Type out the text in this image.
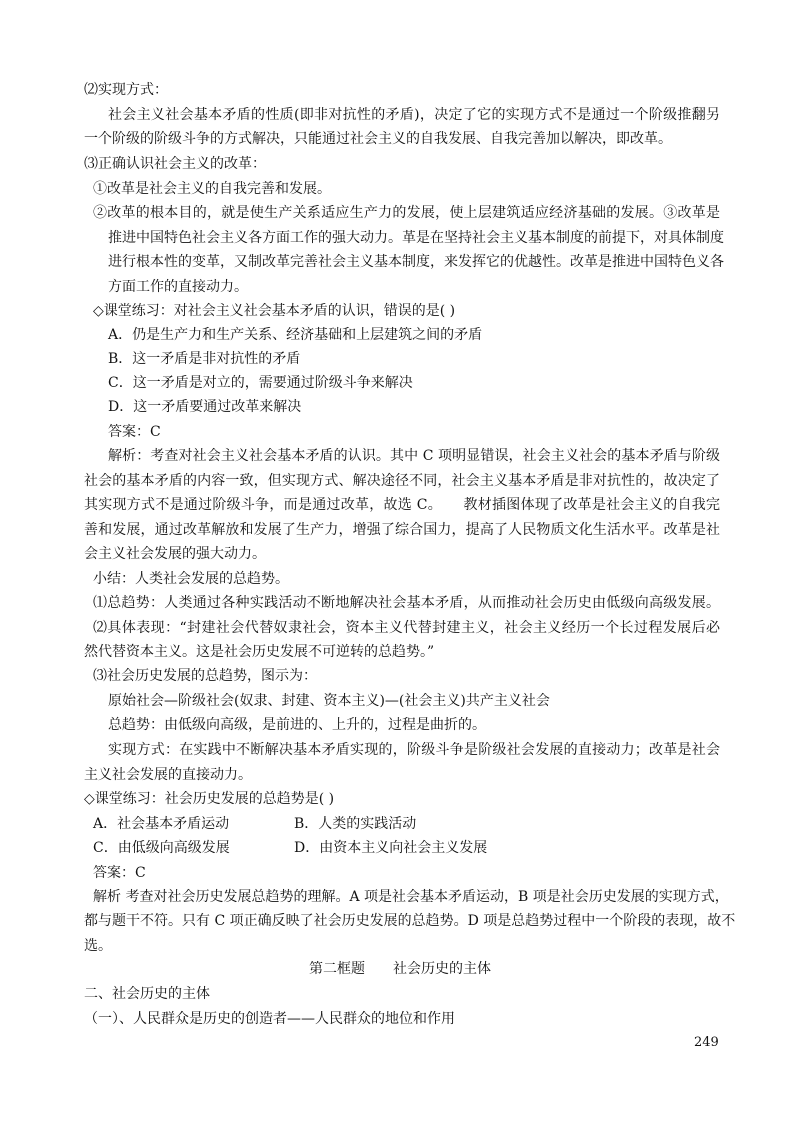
⑵实现方式：
社会主义社会基本矛盾的性质(即非对抗性的矛盾)，决定了它的实现方式不是通过一个阶级推翻另
一个阶级的阶级斗争的方式解决，只能通过社会主义的自我发展、自我完善加以解决，即改革。
⑶正确认识社会主义的改革：
①改革是社会主义的自我完善和发展。
②改革的根本目的，就是使生产关系适应生产力的发展，使上层建筑适应经济基础的发展。③改革是
推进中国特色社会主义各方面工作的强大动力。革是在坚持社会主义基本制度的前提下，对具体制度
进行根本性的变革，又制改革完善社会主义基本制度，来发挥它的优越性。改革是推进中国特色义各
方面工作的直接动力。
◇课堂练习：对社会主义社会基本矛盾的认识，错误的是( )
A．仍是生产力和生产关系、经济基础和上层建筑之间的矛盾
B．这一矛盾是非对抗性的矛盾
C．这一矛盾是对立的，需要通过阶级斗争来解决
D．这一矛盾要通过改革来解决
答案：C
解析：考查对社会主义社会基本矛盾的认识。其中 C 项明显错误，社会主义社会的基本矛盾与阶级
社会的基本矛盾的内容一致，但实现方式、解决途径不同，社会主义基本矛盾是非对抗性的，故决定了
其实现方式不是通过阶级斗争，而是通过改革，故选 C。　　教材插图体现了改革是社会主义的自我完
善和发展，通过改革解放和发展了生产力，增强了综合国力，提高了人民物质文化生活水平。改革是社
会主义社会发展的强大动力。
小结：人类社会发展的总趋势。
⑴总趋势：人类通过各种实践活动不断地解决社会基本矛盾，从而推动社会历史由低级向高级发展。
⑵具体表现：“封建社会代替奴隶社会，资本主义代替封建主义，社会主义经历一个长过程发展后必
然代替资本主义。这是社会历史发展不可逆转的总趋势。”
⑶社会历史发展的总趋势，图示为：
原始社会—阶级社会(奴隶、封建、资本主义)—(社会主义)共产主义社会
总趋势：由低级向高级，是前进的、上升的，过程是曲折的。
实现方式：在实践中不断解决基本矛盾实现的，阶级斗争是阶级社会发展的直接动力；改革是社会
主义社会发展的直接动力。
◇课堂练习：社会历史发展的总趋势是( )
A．社会基本矛盾运动	B．人类的实践活动
C．由低级向高级发展	D．由资本主义向社会主义发展
答案：C
解析 考查对社会历史发展总趋势的理解。A 项是社会基本矛盾运动，B 项是社会历史发展的实现方式，
都与题干不符。只有 C 项正确反映了社会历史发展的总趋势。D 项是总趋势过程中一个阶段的表现，故不
选。
第二框题　　社会历史的主体
二、社会历史的主体
（一）、人民群众是历史的创造者——人民群众的地位和作用
249
